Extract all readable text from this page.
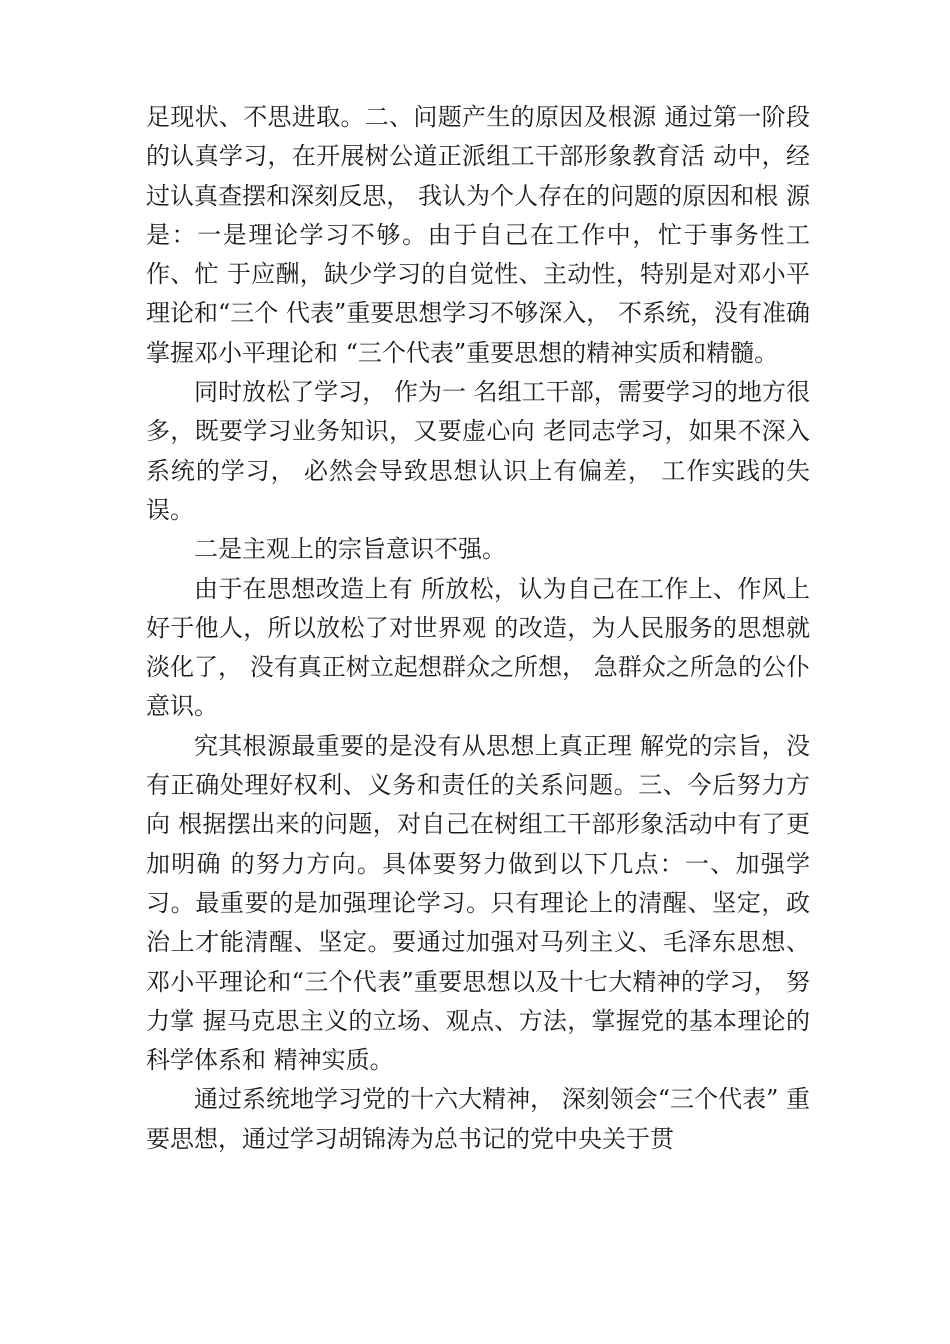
足现状、不思进取。二、问题产生的原因及根源 通过第一阶段的认真学习，在开展树公道正派组工干部形象教育活 动中，经过认真查摆和深刻反思， 我认为个人存在的问题的原因和根 源是：一是理论学习不够。由于自己在工作中，忙于事务性工作、忙 于应酬，缺少学习的自觉性、主动性，特别是对邓小平理论和“三个 代表”重要思想学习不够深入， 不系统，没有准确掌握邓小平理论和 “三个代表”重要思想的精神实质和精髓。

同时放松了学习， 作为一 名组工干部，需要学习的地方很多，既要学习业务知识，又要虚心向 老同志学习，如果不深入系统的学习， 必然会导致思想认识上有偏差， 工作实践的失误。

二是主观上的宗旨意识不强。

由于在思想改造上有 所放松，认为自己在工作上、作风上好于他人，所以放松了对世界观 的改造，为人民服务的思想就淡化了， 没有真正树立起想群众之所想， 急群众之所急的公仆意识。

究其根源最重要的是没有从思想上真正理 解党的宗旨，没有正确处理好权利、义务和责任的关系问题。三、今后努力方向 根据摆出来的问题，对自己在树组工干部形象活动中有了更加明确 的努力方向。具体要努力做到以下几点：一、加强学习。最重要的是加强理论学习。只有理论上的清醒、坚定，政治上才能清醒、坚定。要通过加强对马列主义、毛泽东思想、 邓小平理论和“三个代表”重要思想以及十七大精神的学习， 努力掌 握马克思主义的立场、观点、方法，掌握党的基本理论的科学体系和 精神实质。

通过系统地学习党的十六大精神， 深刻领会“三个代表” 重要思想，通过学习胡锦涛为总书记的党中央关于贯
